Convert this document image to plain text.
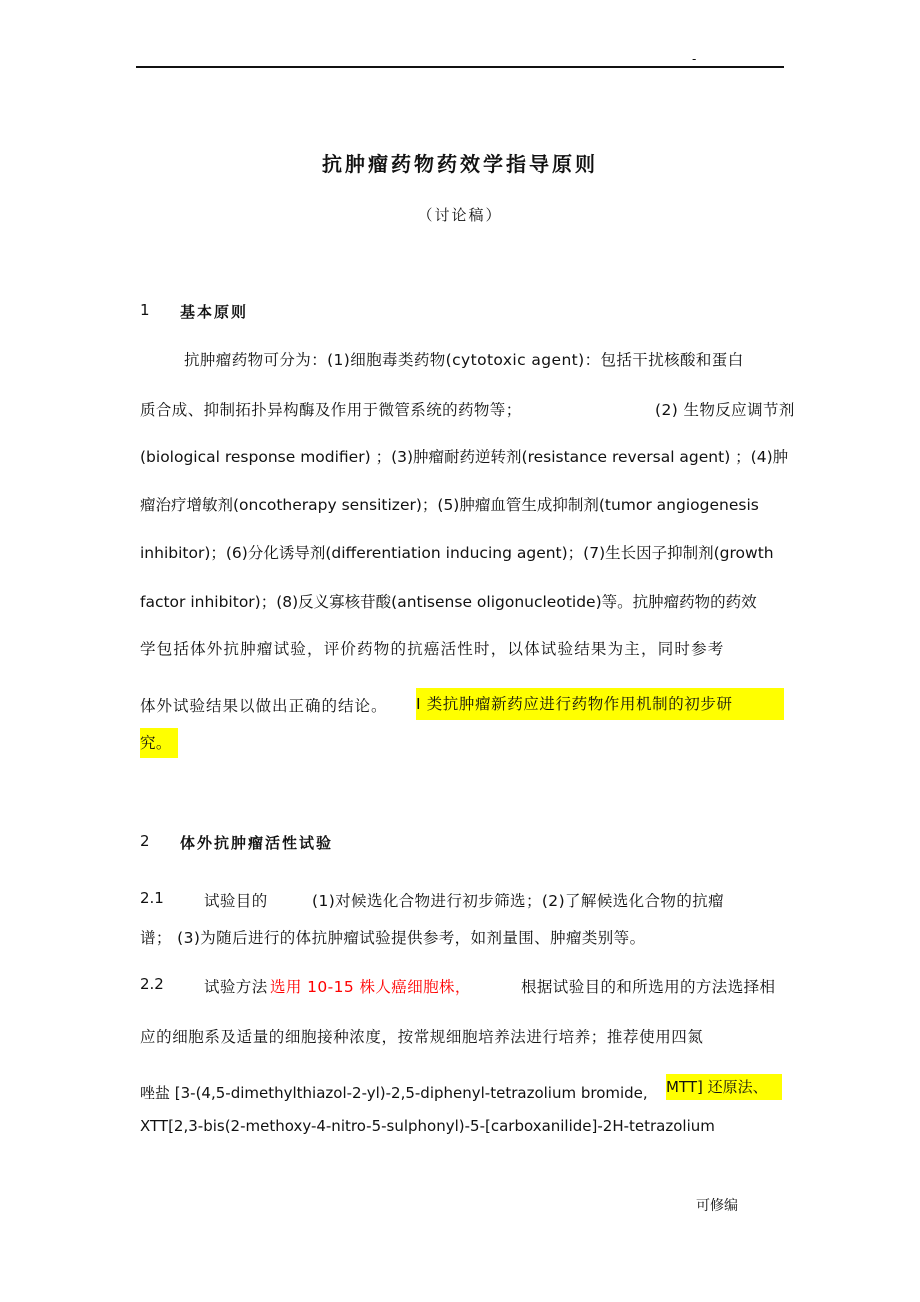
-
抗肿瘤药物药效学指导原则
（讨论稿）
1 基本原则
抗肿瘤药物可分为：(1)细胞毒类药物(cytotoxic agent)：包括干扰核酸和蛋白
质合成、抑制拓扑异构酶及作用于微管系统的药物等；	(2) 生物反应调节剂
(biological response modifier) ；(3)肿瘤耐药逆转剂(resistance reversal agent) ；(4)肿
瘤治疗增敏剂(oncotherapy sensitizer)；(5)肿瘤血管生成抑制剂(tumor angiogenesis
inhibitor)；(6)分化诱导剂(differentiation inducing agent)；(7)生长因子抑制剂(growth
factor inhibitor)；(8)反义寡核苷酸(antisense oligonucleotide)等。抗肿瘤药物的药效
学包括体外抗肿瘤试验，评价药物的抗癌活性时，以体试验结果为主，同时参考
体外试验结果以做出正确的结论。 I 类抗肿瘤新药应进行药物作用机制的初步研
究。
2 体外抗肿瘤活性试验
2.1	试验目的	(1)对候选化合物进行初步筛选；(2)了解候选化合物的抗瘤
谱； (3)为随后进行的体抗肿瘤试验提供参考，如剂量围、肿瘤类别等。
2.2	试验方法 选用 10-15 株人癌细胞株，	根据试验目的和所选用的方法选择相
应的细胞系及适量的细胞接种浓度，按常规细胞培养法进行培养；推荐使用四氮
唑盐 [3-(4,5-dimethylthiazol-2-yl)-2,5-diphenyl-tetrazolium bromide, MTT] 还原法、
XTT[2,3-bis(2-methoxy-4-nitro-5-sulphonyl)-5-[carboxanilide]-2H-tetrazolium
可修编
